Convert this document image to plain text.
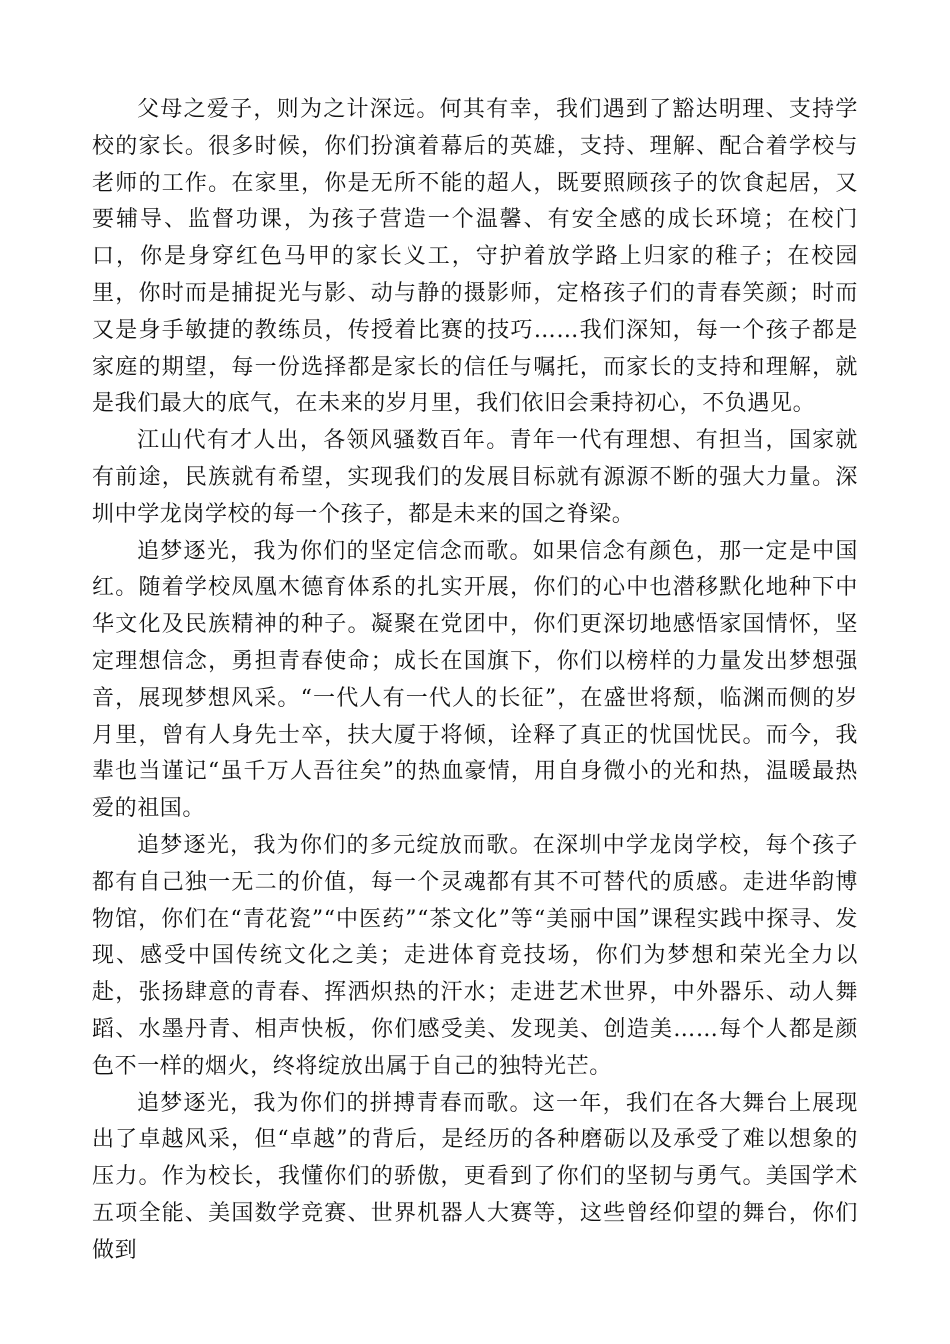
父母之爱子，则为之计深远。何其有幸，我们遇到了豁达明理、支持学校的家长。很多时候，你们扮演着幕后的英雄，支持、理解、配合着学校与老师的工作。在家里，你是无所不能的超人，既要照顾孩子的饮食起居，又要辅导、监督功课，为孩子营造一个温馨、有安全感的成长环境；在校门口，你是身穿红色马甲的家长义工，守护着放学路上归家的稚子；在校园里，你时而是捕捉光与影、动与静的摄影师，定格孩子们的青春笑颜；时而又是身手敏捷的教练员，传授着比赛的技巧……我们深知，每一个孩子都是家庭的期望，每一份选择都是家长的信任与嘱托，而家长的支持和理解，就是我们最大的底气，在未来的岁月里，我们依旧会秉持初心，不负遇见。

江山代有才人出，各领风骚数百年。青年一代有理想、有担当，国家就有前途，民族就有希望，实现我们的发展目标就有源源不断的强大力量。深圳中学龙岗学校的每一个孩子，都是未来的国之脊梁。

追梦逐光，我为你们的坚定信念而歌。如果信念有颜色，那一定是中国红。随着学校凤凰木德育体系的扎实开展，你们的心中也潜移默化地种下中华文化及民族精神的种子。凝聚在党团中，你们更深切地感悟家国情怀，坚定理想信念，勇担青春使命；成长在国旗下，你们以榜样的力量发出梦想强音，展现梦想风采。“一代人有一代人的长征”，在盛世将颓，临渊而侧的岁月里，曾有人身先士卒，扶大厦于将倾，诠释了真正的忧国忧民。而今，我辈也当谨记“虽千万人吾往矣”的热血豪情，用自身微小的光和热，温暖最热爱的祖国。

追梦逐光，我为你们的多元绽放而歌。在深圳中学龙岗学校，每个孩子都有自己独一无二的价值，每一个灵魂都有其不可替代的质感。走进华韵博物馆，你们在“青花瓷”“中医药”“茶文化”等“美丽中国”课程实践中探寻、发现、感受中国传统文化之美；走进体育竞技场，你们为梦想和荣光全力以赴，张扬肆意的青春、挥洒炽热的汗水；走进艺术世界，中外器乐、动人舞蹈、水墨丹青、相声快板，你们感受美、发现美、创造美……每个人都是颜色不一样的烟火，终将绽放出属于自己的独特光芒。

追梦逐光，我为你们的拼搏青春而歌。这一年，我们在各大舞台上展现出了卓越风采，但“卓越”的背后，是经历的各种磨砺以及承受了难以想象的压力。作为校长，我懂你们的骄傲，更看到了你们的坚韧与勇气。美国学术五项全能、美国数学竞赛、世界机器人大赛等，这些曾经仰望的舞台，你们做到
